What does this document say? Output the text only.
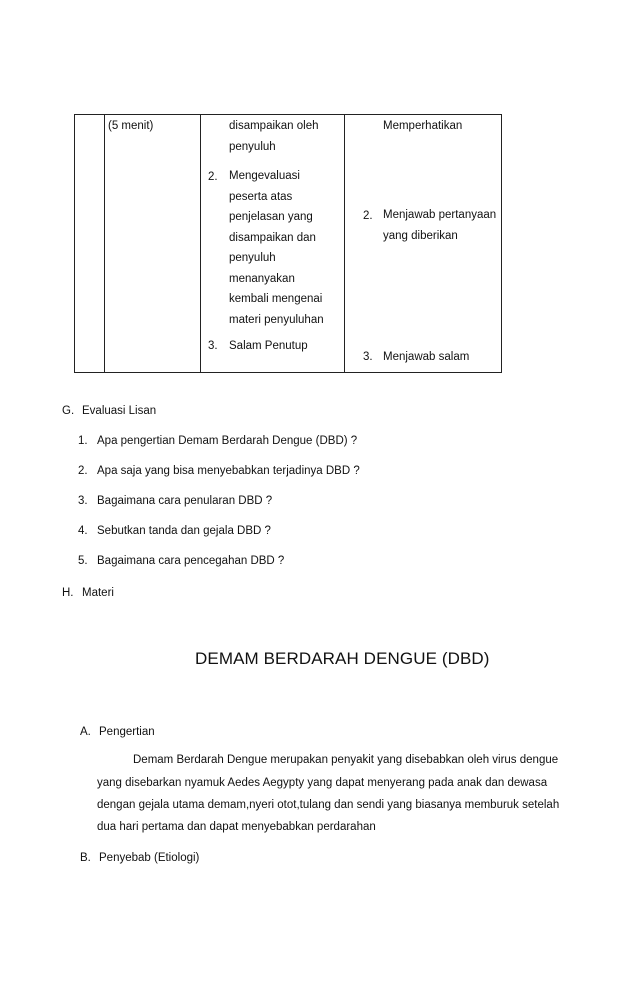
(5 menit)	disampaikan oleh
penyuluh
2. Mengevaluasi
peserta atas
penjelasan yang
disampaikan dan
penyuluh
menanyakan
kembali mengenai
materi penyuluhan
3. Salam Penutup
Memperhatikan
2. Menjawab pertanyaan
yang diberikan
3. Menjawab salam
G. Evaluasi Lisan
1. Apa pengertian Demam Berdarah Dengue (DBD) ?
2. Apa saja yang bisa menyebabkan terjadinya DBD ?
3. Bagaimana cara penularan DBD ?
4. Sebutkan tanda dan gejala DBD ?
5. Bagaimana cara pencegahan DBD ?
H. Materi
DEMAM BERDARAH DENGUE (DBD)
A. Pengertian
Demam Berdarah Dengue merupakan penyakit yang disebabkan oleh virus dengue
yang disebarkan nyamuk Aedes Aegypty yang dapat menyerang pada anak dan dewasa
dengan gejala utama demam,nyeri otot,tulang dan sendi yang biasanya memburuk setelah
dua hari pertama dan dapat menyebabkan perdarahan
B. Penyebab (Etiologi)
